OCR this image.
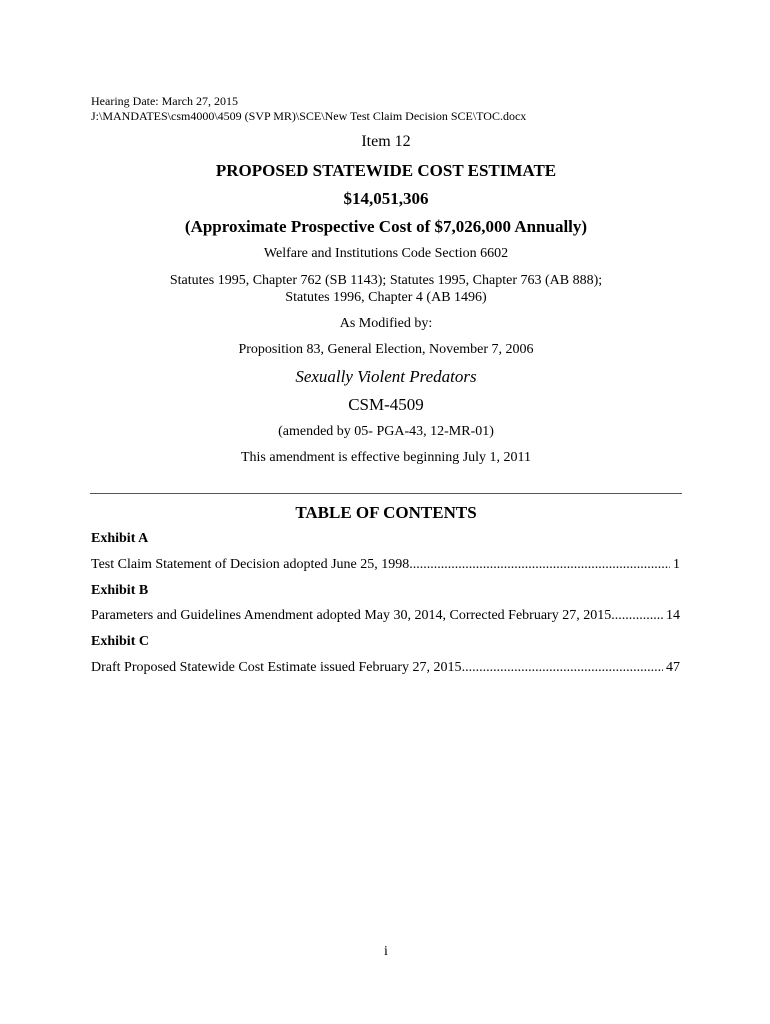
Hearing Date: March 27, 2015
J:\MANDATES\csm4000\4509 (SVP MR)\SCE\New Test Claim Decision SCE\TOC.docx
Item 12
PROPOSED STATEWIDE COST ESTIMATE
$14,051,306
(Approximate Prospective Cost of $7,026,000 Annually)
Welfare and Institutions Code Section 6602
Statutes 1995, Chapter 762 (SB 1143); Statutes 1995, Chapter 763 (AB 888);
Statutes 1996, Chapter 4 (AB 1496)
As Modified by:
Proposition 83, General Election, November 7, 2006
Sexually Violent Predators
CSM-4509
(amended by 05- PGA-43, 12-MR-01)
This amendment is effective beginning July 1, 2011
TABLE OF CONTENTS
Exhibit A
Test Claim Statement of Decision adopted June 25, 1998 .....	1
Exhibit B
Parameters and Guidelines Amendment adopted May 30, 2014, Corrected February 27, 2015 .....	14
Exhibit C
Draft Proposed Statewide Cost Estimate issued February 27, 2015 .....	47
i
